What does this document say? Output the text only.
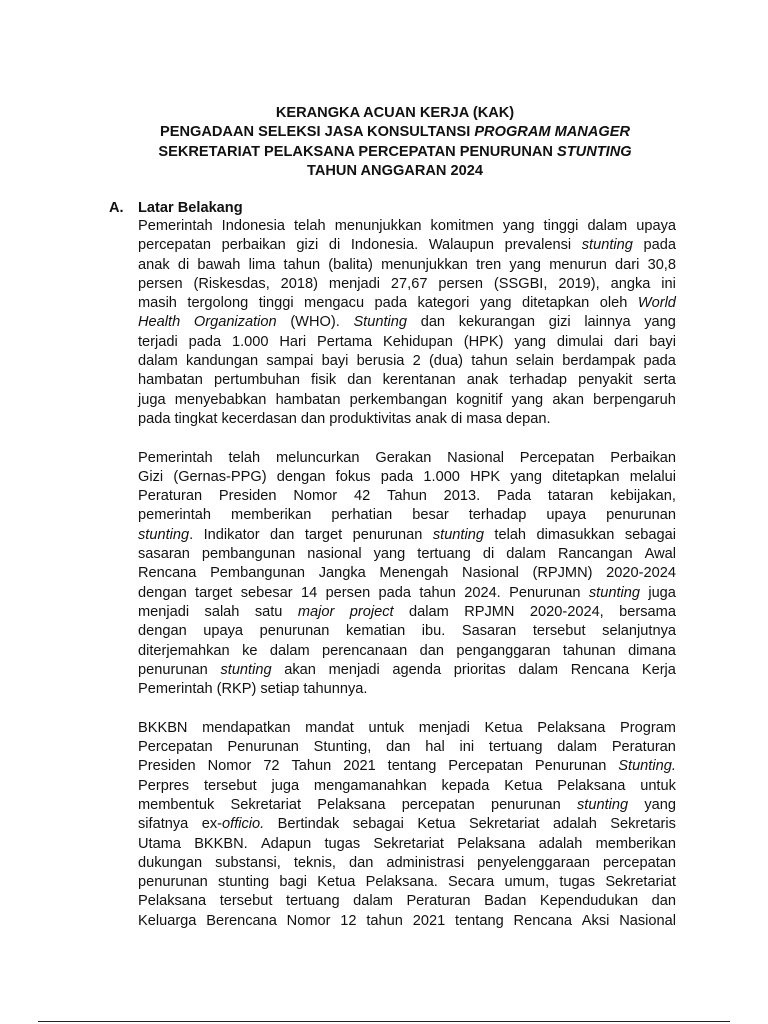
KERANGKA ACUAN KERJA (KAK)
PENGADAAN SELEKSI JASA KONSULTANSI PROGRAM MANAGER
SEKRETARIAT PELAKSANA PERCEPATAN PENURUNAN STUNTING
TAHUN ANGGARAN 2024
A. Latar Belakang
Pemerintah Indonesia telah menunjukkan komitmen yang tinggi dalam upaya
percepatan perbaikan gizi di Indonesia. Walaupun prevalensi stunting pada
anak di bawah lima tahun (balita) menunjukkan tren yang menurun dari 30,8
persen (Riskesdas, 2018) menjadi 27,67 persen (SSGBI, 2019), angka ini
masih tergolong tinggi mengacu pada kategori yang ditetapkan oleh World
Health Organization (WHO). Stunting dan kekurangan gizi lainnya yang
terjadi pada 1.000 Hari Pertama Kehidupan (HPK) yang dimulai dari bayi
dalam kandungan sampai bayi berusia 2 (dua) tahun selain berdampak pada
hambatan pertumbuhan fisik dan kerentanan anak terhadap penyakit serta
juga menyebabkan hambatan perkembangan kognitif yang akan berpengaruh
pada tingkat kecerdasan dan produktivitas anak di masa depan.
Pemerintah telah meluncurkan Gerakan Nasional Percepatan Perbaikan
Gizi (Gernas-PPG) dengan fokus pada 1.000 HPK yang ditetapkan melalui
Peraturan Presiden Nomor 42 Tahun 2013. Pada tataran kebijakan,
pemerintah memberikan perhatian besar terhadap upaya penurunan
stunting. Indikator dan target penurunan stunting telah dimasukkan sebagai
sasaran pembangunan nasional yang tertuang di dalam Rancangan Awal
Rencana Pembangunan Jangka Menengah Nasional (RPJMN) 2020-2024
dengan target sebesar 14 persen pada tahun 2024. Penurunan stunting juga
menjadi salah satu major project dalam RPJMN 2020-2024, bersama
dengan upaya penurunan kematian ibu. Sasaran tersebut selanjutnya
diterjemahkan ke dalam perencanaan dan penganggaran tahunan dimana
penurunan stunting akan menjadi agenda prioritas dalam Rencana Kerja
Pemerintah (RKP) setiap tahunnya.
BKKBN mendapatkan mandat untuk menjadi Ketua Pelaksana Program
Percepatan Penurunan Stunting, dan hal ini tertuang dalam Peraturan
Presiden Nomor 72 Tahun 2021 tentang Percepatan Penurunan Stunting.
Perpres tersebut juga mengamanahkan kepada Ketua Pelaksana untuk
membentuk Sekretariat Pelaksana percepatan penurunan stunting yang
sifatnya ex-officio. Bertindak sebagai Ketua Sekretariat adalah Sekretaris
Utama BKKBN. Adapun tugas Sekretariat Pelaksana adalah memberikan
dukungan substansi, teknis, dan administrasi penyelenggaraan percepatan
penurunan stunting bagi Ketua Pelaksana. Secara umum, tugas Sekretariat
Pelaksana tersebut tertuang dalam Peraturan Badan Kependudukan dan
Keluarga Berencana Nomor 12 tahun 2021 tentang Rencana Aksi Nasional
